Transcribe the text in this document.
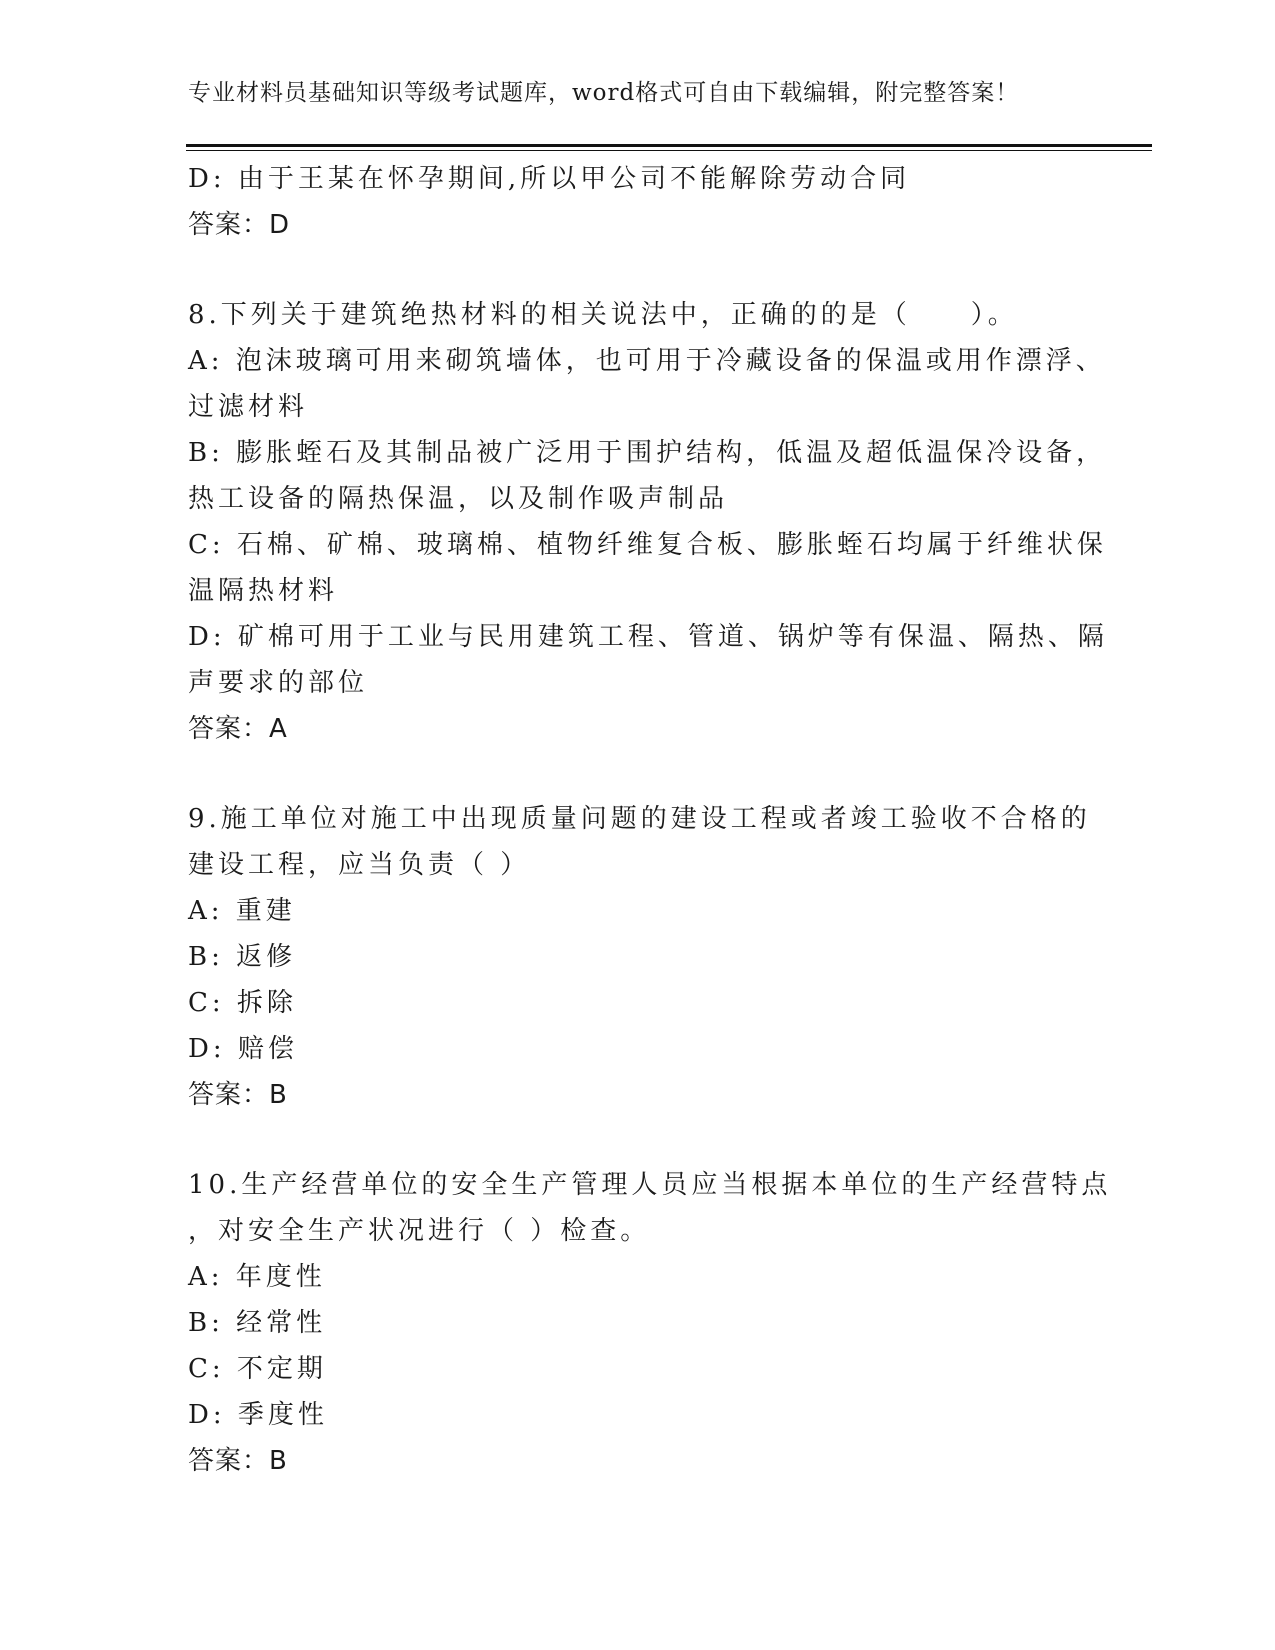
专业材料员基础知识等级考试题库，word格式可自由下载编辑，附完整答案！
D: 由于王某在怀孕期间,所以甲公司不能解除劳动合同
答案：D
8.下列关于建筑绝热材料的相关说法中，正确的的是（　　）。
A: 泡沫玻璃可用来砌筑墙体，也可用于冷藏设备的保温或用作漂浮、
过滤材料
B: 膨胀蛭石及其制品被广泛用于围护结构，低温及超低温保冷设备，
热工设备的隔热保温，以及制作吸声制品
C: 石棉、矿棉、玻璃棉、植物纤维复合板、膨胀蛭石均属于纤维状保
温隔热材料
D: 矿棉可用于工业与民用建筑工程、管道、锅炉等有保温、隔热、隔
声要求的部位
答案：A
9.施工单位对施工中出现质量问题的建设工程或者竣工验收不合格的
建设工程，应当负责（ ）
A: 重建
B: 返修
C: 拆除
D: 赔偿
答案：B
10.生产经营单位的安全生产管理人员应当根据本单位的生产经营特点
，对安全生产状况进行（ ）检查。
A: 年度性
B: 经常性
C: 不定期
D: 季度性
答案：B
